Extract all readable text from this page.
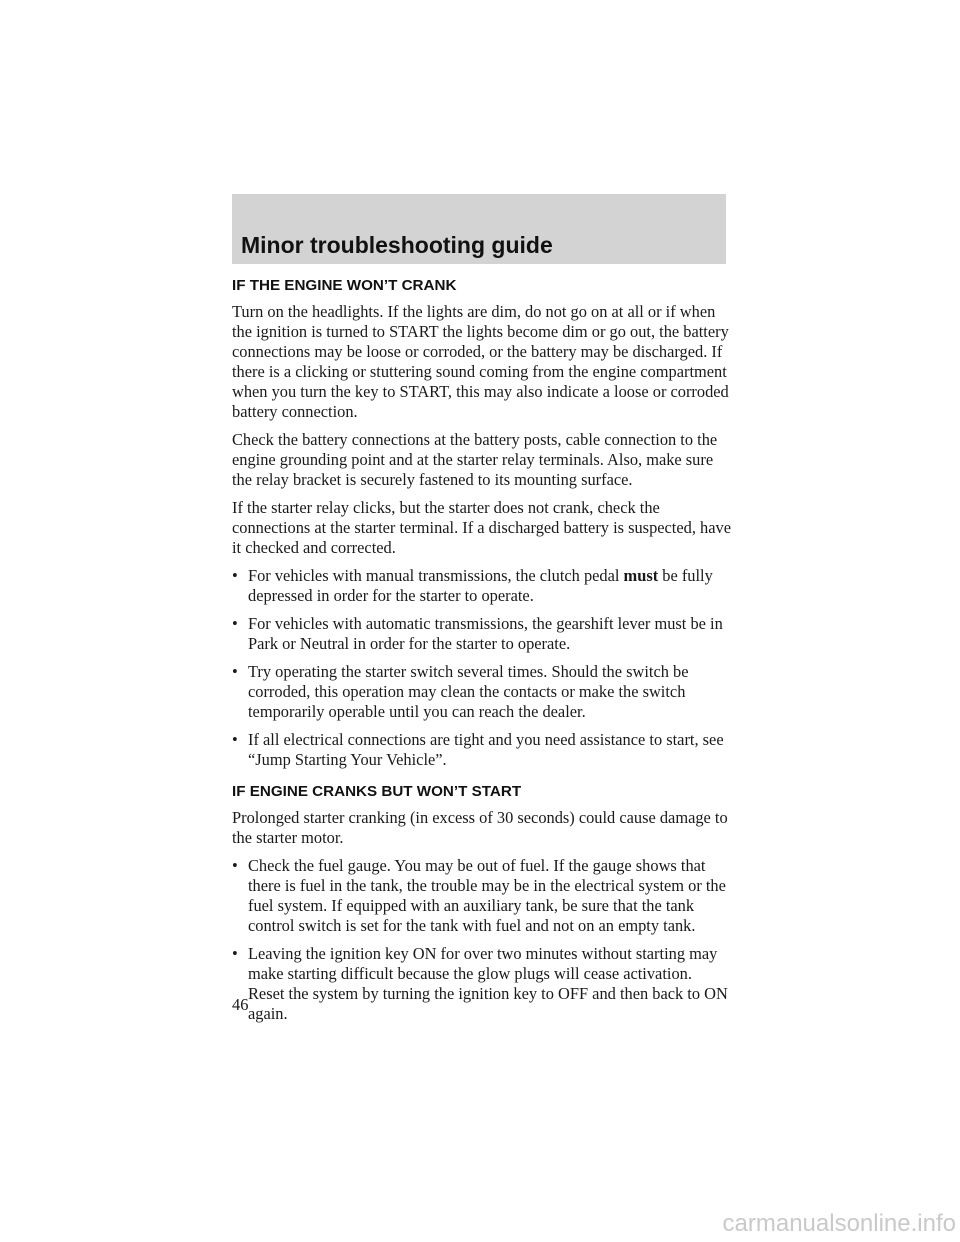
Minor troubleshooting guide
IF THE ENGINE WON’T CRANK

Turn on the headlights. If the lights are dim, do not go on at all or if when the ignition is turned to START the lights become dim or go out, the battery connections may be loose or corroded, or the battery may be discharged. If there is a clicking or stuttering sound coming from the engine compartment when you turn the key to START, this may also indicate a loose or corroded battery connection.

Check the battery connections at the battery posts, cable connection to the engine grounding point and at the starter relay terminals. Also, make sure the relay bracket is securely fastened to its mounting surface.

If the starter relay clicks, but the starter does not crank, check the connections at the starter terminal. If a discharged battery is suspected, have it checked and corrected.

• For vehicles with manual transmissions, the clutch pedal must be fully depressed in order for the starter to operate.
• For vehicles with automatic transmissions, the gearshift lever must be in Park or Neutral in order for the starter to operate.
• Try operating the starter switch several times. Should the switch be corroded, this operation may clean the contacts or make the switch temporarily operable until you can reach the dealer.
• If all electrical connections are tight and you need assistance to start, see “Jump Starting Your Vehicle”.
IF ENGINE CRANKS BUT WON’T START

Prolonged starter cranking (in excess of 30 seconds) could cause damage to the starter motor.

• Check the fuel gauge. You may be out of fuel. If the gauge shows that there is fuel in the tank, the trouble may be in the electrical system or the fuel system. If equipped with an auxiliary tank, be sure that the tank control switch is set for the tank with fuel and not on an empty tank.
• Leaving the ignition key ON for over two minutes without starting may make starting difficult because the glow plugs will cease activation. Reset the system by turning the ignition key to OFF and then back to ON again.
46
carmanualsonline.info
